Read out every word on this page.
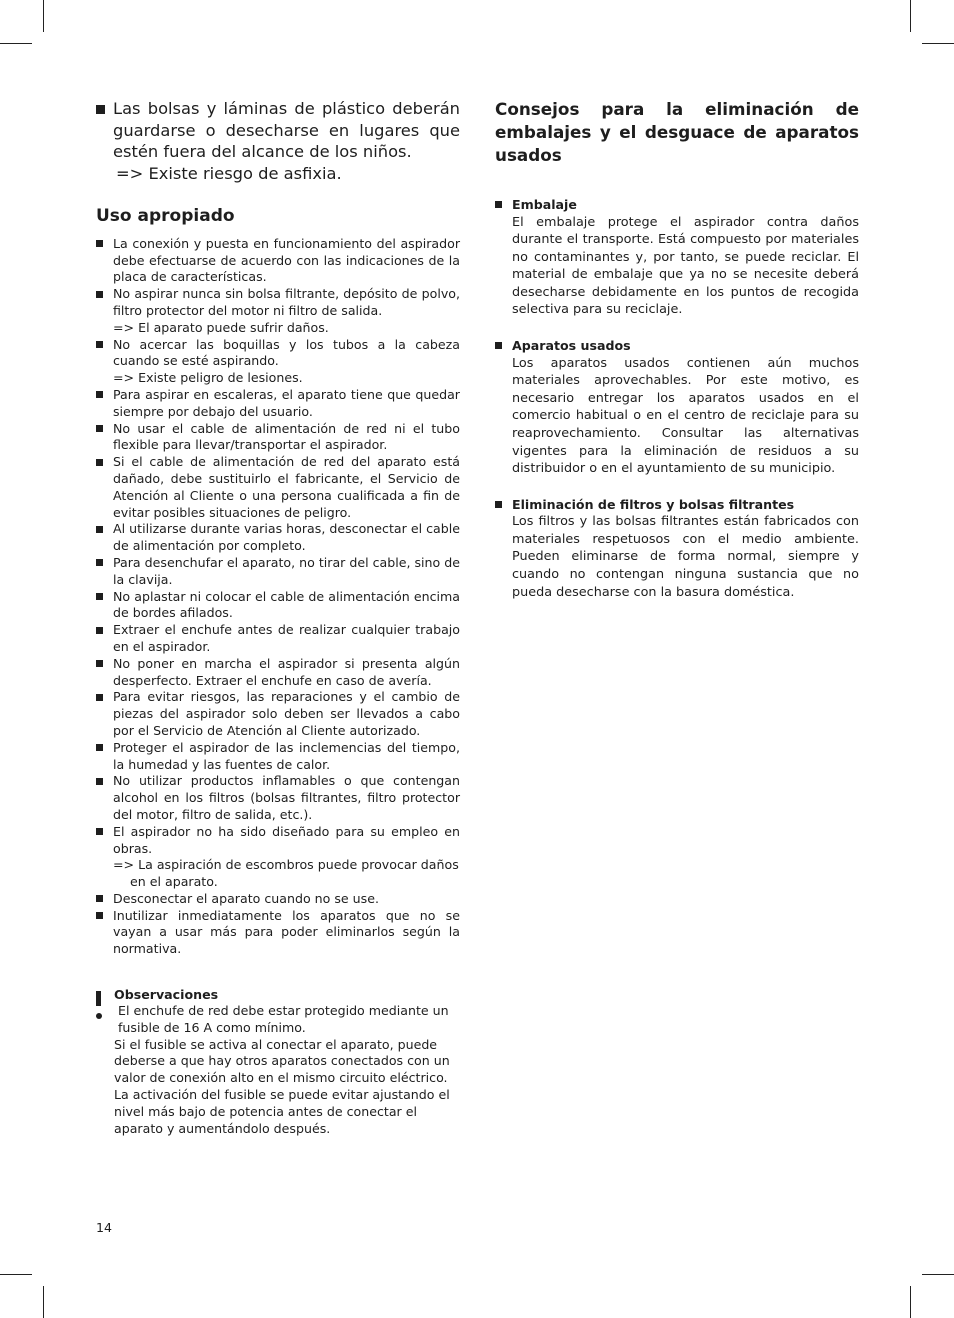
Las bolsas y láminas de plástico deberán guardarse o desecharse en lugares que estén fuera del alcance de los niños.
=> Existe riesgo de asfixia.
Uso apropiado
La conexión y puesta en funcionamiento del aspirador debe efectuarse de acuerdo con las indicaciones de la placa de características.
No aspirar nunca sin bolsa filtrante, depósito de polvo, filtro protector del motor ni filtro de salida.
=> El aparato puede sufrir daños.
No acercar las boquillas y los tubos a la cabeza cuando se esté aspirando.
=> Existe peligro de lesiones.
Para aspirar en escaleras, el aparato tiene que quedar siempre por debajo del usuario.
No usar el cable de alimentación de red ni el tubo flexible para llevar/transportar el aspirador.
Si el cable de alimentación de red del aparato está dañado, debe sustituirlo el fabricante, el Servicio de Atención al Cliente o una persona cualificada a fin de evitar posibles situaciones de peligro.
Al utilizarse durante varias horas, desconectar el cable de alimentación por completo.
Para desenchufar el aparato, no tirar del cable, sino de la clavija.
No aplastar ni colocar el cable de alimentación encima de bordes afilados.
Extraer el enchufe antes de realizar cualquier trabajo en el aspirador.
No poner en marcha el aspirador si presenta algún desperfecto. Extraer el enchufe en caso de avería.
Para evitar riesgos, las reparaciones y el cambio de piezas del aspirador solo deben ser llevados a cabo por el Servicio de Atención al Cliente autorizado.
Proteger el aspirador de las inclemencias del tiempo, la humedad y las fuentes de calor.
No utilizar productos inflamables o que contengan alcohol en los filtros (bolsas filtrantes, filtro protector del motor, filtro de salida, etc.).
El aspirador no ha sido diseñado para su empleo en obras.
=> La aspiración de escombros puede provocar daños en el aparato.
Desconectar el aparato cuando no se use.
Inutilizar inmediatamente los aparatos que no se vayan a usar más para poder eliminarlos según la normativa.
Observaciones
El enchufe de red debe estar protegido mediante un fusible de 16 A como mínimo.
Si el fusible se activa al conectar el aparato, puede deberse a que hay otros aparatos conectados con un valor de conexión alto en el mismo circuito eléctrico.
La activación del fusible se puede evitar ajustando el nivel más bajo de potencia antes de conectar el aparato y aumentándolo después.
Consejos para la eliminación de embalajes y el desguace de aparatos usados
Embalaje
El embalaje protege el aspirador contra daños durante el transporte. Está compuesto por materiales no contaminantes y, por tanto, se puede reciclar. El material de embalaje que ya no se necesite deberá desecharse debidamente en los puntos de recogida selectiva para su reciclaje.
Aparatos usados
Los aparatos usados contienen aún muchos materiales aprovechables. Por este motivo, es necesario entregar los aparatos usados en el comercio habitual o en el centro de reciclaje para su reaprovechamiento. Consultar las alternativas vigentes para la eliminación de residuos a su distribuidor o en el ayuntamiento de su municipio.
Eliminación de filtros y bolsas filtrantes
Los filtros y las bolsas filtrantes están fabricados con materiales respetuosos con el medio ambiente. Pueden eliminarse de forma normal, siempre y cuando no contengan ninguna sustancia que no pueda desecharse con la basura doméstica.
14
